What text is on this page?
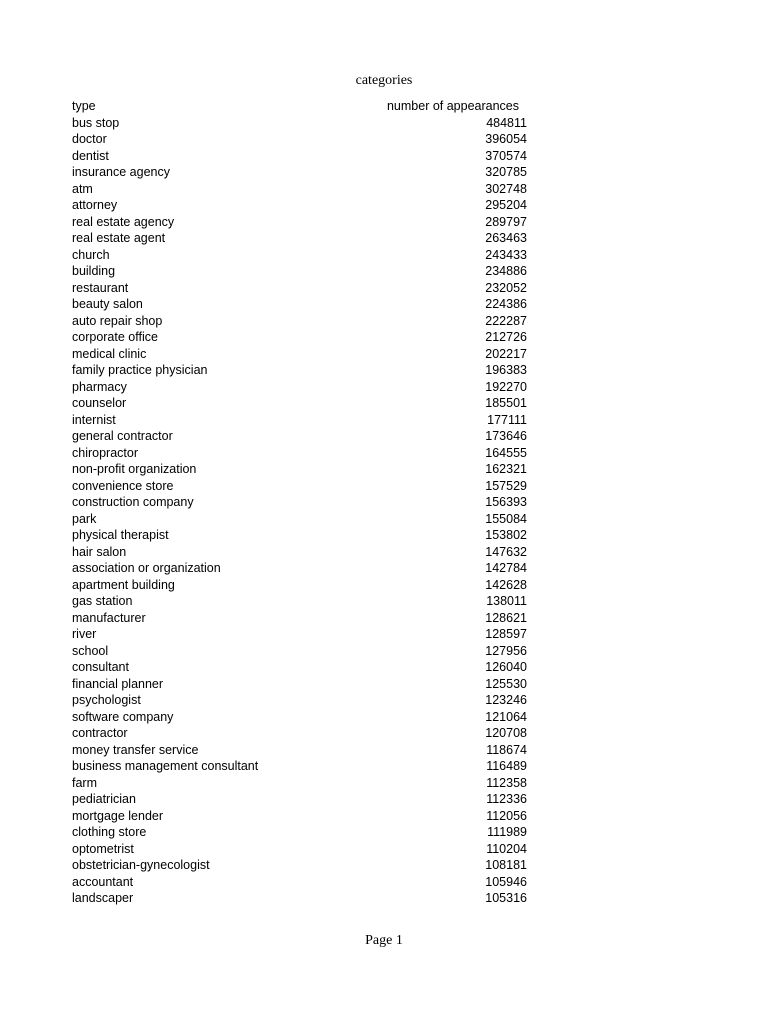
categories
type	number of appearances
bus stop	484811
doctor	396054
dentist	370574
insurance agency	320785
atm	302748
attorney	295204
real estate agency	289797
real estate agent	263463
church	243433
building	234886
restaurant	232052
beauty salon	224386
auto repair shop	222287
corporate office	212726
medical clinic	202217
family practice physician	196383
pharmacy	192270
counselor	185501
internist	177111
general contractor	173646
chiropractor	164555
non-profit organization	162321
convenience store	157529
construction company	156393
park	155084
physical therapist	153802
hair salon	147632
association or organization	142784
apartment building	142628
gas station	138011
manufacturer	128621
river	128597
school	127956
consultant	126040
financial planner	125530
psychologist	123246
software company	121064
contractor	120708
money transfer service	118674
business management consultant	116489
farm	112358
pediatrician	112336
mortgage lender	112056
clothing store	111989
optometrist	110204
obstetrician-gynecologist	108181
accountant	105946
landscaper	105316
Page 1
